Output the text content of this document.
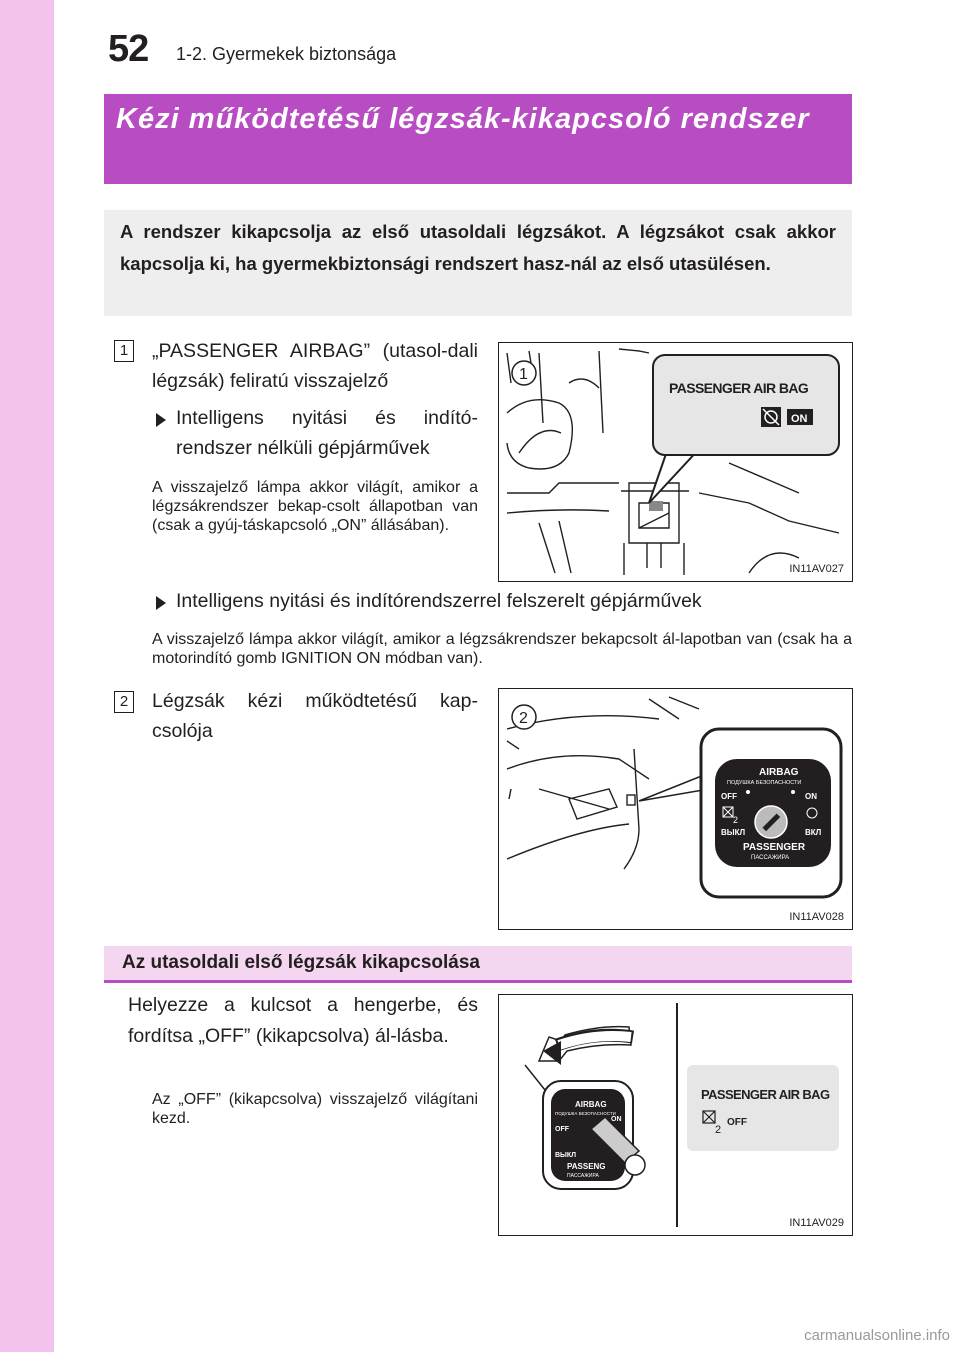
52 1-2. Gyermekek biztonsága
Kézi működtetésű légzsák-kikapcsoló rendszer

A rendszer kikapcsolja az első utasoldali légzsákot. A légzsákot csak akkor kapcsolja ki, ha gyermekbiztonsági rendszert hasz-nál az első utasülésen.

1 „PASSENGER AIRBAG” (utasol-dali légzsák) feliratú visszajelző
Intelligens nyitási és indító-rendszer nélküli gépjárművek
A visszajelző lámpa akkor világít, amikor a légzsákrendszer bekap-csolt állapotban van (csak a gyúj-táskapcsoló „ON” állásában).
1
PASSENGER AIR BAG
ON
IN11AV027
Intelligens nyitási és indítórendszerrel felszerelt gépjárművek
A visszajelző lámpa akkor világít, amikor a légzsákrendszer bekapcsolt ál-lapotban van (csak ha a motorindító gomb IGNITION ON módban van).
2 Légzsák kézi működtetésű kap-csolója
2
AIRBAG
ПОДУШКА БЕЗОПАСНОСТИ
OFF	ON
2
ВЫКЛ	ВКЛ
PASSENGER
ПАССАЖИРА
IN11AV028
Az utasoldali első légzsák kikapcsolása
Helyezze a kulcsot a hengerbe, és fordítsa „OFF” (kikapcsolva) ál-lásba.
Az „OFF” (kikapcsolva) visszajelző világítani kezd.
AIRBAG
ПОДУШКА БЕЗОПАСНОСТИ
OFF
ON
ВЫКЛ
PASSENG
ПАССАЖИРА
PASSENGER AIR BAG
2
OFF
IN11AV029
carmanualsonline.info
